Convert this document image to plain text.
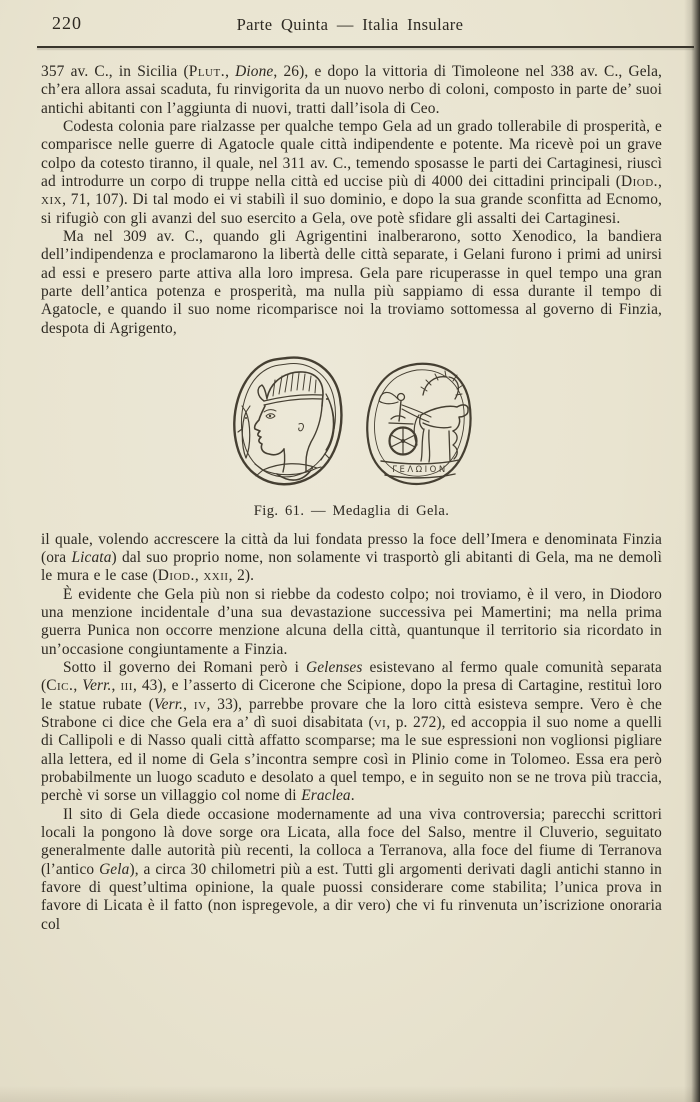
220	Parte Quinta — Italia Insulare

357 av. C., in Sicilia (Plut., Dione, 26), e dopo la vittoria di Timoleone nel 338 av. C., Gela, ch’era allora assai scaduta, fu rinvigorita da un nuovo nerbo di coloni, composto in parte de’ suoi antichi abitanti con l’aggiunta di nuovi, tratti dall’isola di Ceo.

Codesta colonia pare rialzasse per qualche tempo Gela ad un grado tollerabile di prosperità, e comparisce nelle guerre di Agatocle quale città indipendente e potente. Ma ricevè poi un grave colpo da cotesto tiranno, il quale, nel 311 av. C., temendo sposasse le parti dei Cartaginesi, riuscì ad introdurre un corpo di truppe nella città ed uccise più di 4000 dei cittadini principali (Diod., xix, 71, 107). Di tal modo ei vi stabilì il suo dominio, e dopo la sua grande sconfitta ad Ecnomo, si rifugiò con gli avanzi del suo esercito a Gela, ove potè sfidare gli assalti dei Cartaginesi.

Ma nel 309 av. C., quando gli Agrigentini inalberarono, sotto Xenodico, la bandiera dell’indipendenza e proclamarono la libertà delle città separate, i Gelani furono i primi ad unirsi ad essi e presero parte attiva alla loro impresa. Gela pare ricuperasse in quel tempo una gran parte dell’antica potenza e prosperità, ma nulla più sappiamo di essa durante il tempo di Agatocle, e quando il suo nome ricomparisce noi la troviamo sottomessa al governo di Finzia, despota di Agrigento,

ΓΕΛΩΙΟΝ
Fig. 61. — Medaglia di Gela.

il quale, volendo accrescere la città da lui fondata presso la foce dell’Imera e denominata Finzia (ora Licata) dal suo proprio nome, non solamente vi trasportò gli abitanti di Gela, ma ne demolì le mura e le case (Diod., xxii, 2).

È evidente che Gela più non si riebbe da codesto colpo; noi troviamo, è il vero, in Diodoro una menzione incidentale d’una sua devastazione successiva pei Mamertini; ma nella prima guerra Punica non occorre menzione alcuna della città, quantunque il territorio sia ricordato in un’occasione congiuntamente a Finzia.

Sotto il governo dei Romani però i Gelenses esistevano al fermo quale comunità separata (Cic., Verr., iii, 43), e l’asserto di Cicerone che Scipione, dopo la presa di Cartagine, restituì loro le statue rubate (Verr., iv, 33), parrebbe provare che la loro città esisteva sempre. Vero è che Strabone ci dice che Gela era a’ dì suoi disabitata (vi, p. 272), ed accoppia il suo nome a quelli di Callipoli e di Nasso quali città affatto scomparse; ma le sue espressioni non voglionsi pigliare alla lettera, ed il nome di Gela s’incontra sempre così in Plinio come in Tolomeo. Essa era però probabilmente un luogo scaduto e desolato a quel tempo, e in seguito non se ne trova più traccia, perchè vi sorse un villaggio col nome di Eraclea.

Il sito di Gela diede occasione modernamente ad una viva controversia; parecchi scrittori locali la pongono là dove sorge ora Licata, alla foce del Salso, mentre il Cluverio, seguitato generalmente dalle autorità più recenti, la colloca a Terranova, alla foce del fiume di Terranova (l’antico Gela), a circa 30 chilometri più a est. Tutti gli argomenti derivati dagli antichi stanno in favore di quest’ultima opinione, la quale puossi considerare come stabilita; l’unica prova in favore di Licata è il fatto (non ispregevole, a dir vero) che vi fu rinvenuta un’iscrizione onoraria col
